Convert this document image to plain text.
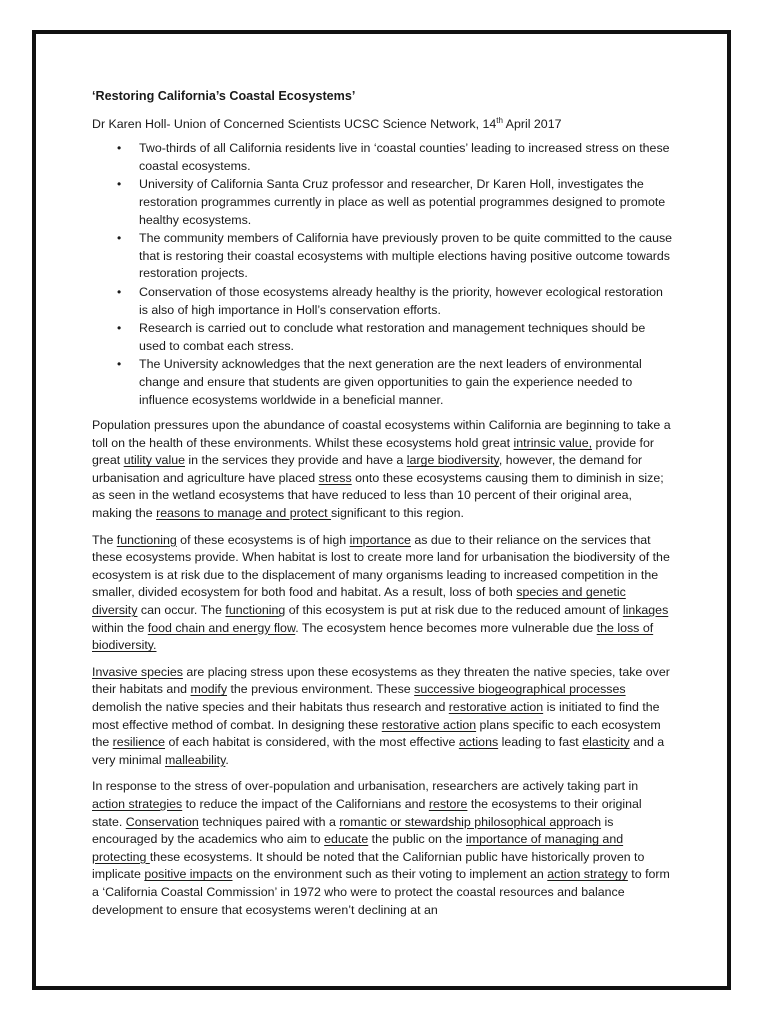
‘Restoring California’s Coastal Ecosystems’
Dr Karen Holl- Union of Concerned Scientists UCSC Science Network, 14th April 2017
• Two-thirds of all California residents live in ‘coastal counties’ leading to increased stress on these coastal ecosystems.
• University of California Santa Cruz professor and researcher, Dr Karen Holl, investigates the restoration programmes currently in place as well as potential programmes designed to promote healthy ecosystems.
• The community members of California have previously proven to be quite committed to the cause that is restoring their coastal ecosystems with multiple elections having positive outcome towards restoration projects.
• Conservation of those ecosystems already healthy is the priority, however ecological restoration is also of high importance in Holl’s conservation efforts.
• Research is carried out to conclude what restoration and management techniques should be used to combat each stress.
• The University acknowledges that the next generation are the next leaders of environmental change and ensure that students are given opportunities to gain the experience needed to influence ecosystems worldwide in a beneficial manner.

Population pressures upon the abundance of coastal ecosystems within California are beginning to take a toll on the health of these environments. Whilst these ecosystems hold great intrinsic value, provide for great utility value in the services they provide and have a large biodiversity, however, the demand for urbanisation and agriculture have placed stress onto these ecosystems causing them to diminish in size; as seen in the wetland ecosystems that have reduced to less than 10 percent of their original area, making the reasons to manage and protect significant to this region.

The functioning of these ecosystems is of high importance as due to their reliance on the services that these ecosystems provide. When habitat is lost to create more land for urbanisation the biodiversity of the ecosystem is at risk due to the displacement of many organisms leading to increased competition in the smaller, divided ecosystem for both food and habitat. As a result, loss of both species and genetic diversity can occur. The functioning of this ecosystem is put at risk due to the reduced amount of linkages within the food chain and energy flow. The ecosystem hence becomes more vulnerable due the loss of biodiversity.

Invasive species are placing stress upon these ecosystems as they threaten the native species, take over their habitats and modify the previous environment. These successive biogeographical processes demolish the native species and their habitats thus research and restorative action is initiated to find the most effective method of combat. In designing these restorative action plans specific to each ecosystem the resilience of each habitat is considered, with the most effective actions leading to fast elasticity and a very minimal malleability.

In response to the stress of over-population and urbanisation, researchers are actively taking part in action strategies to reduce the impact of the Californians and restore the ecosystems to their original state. Conservation techniques paired with a romantic or stewardship philosophical approach is encouraged by the academics who aim to educate the public on the importance of managing and protecting these ecosystems. It should be noted that the Californian public have historically proven to implicate positive impacts on the environment such as their voting to implement an action strategy to form a ‘California Coastal Commission’ in 1972 who were to protect the coastal resources and balance development to ensure that ecosystems weren’t declining at an
